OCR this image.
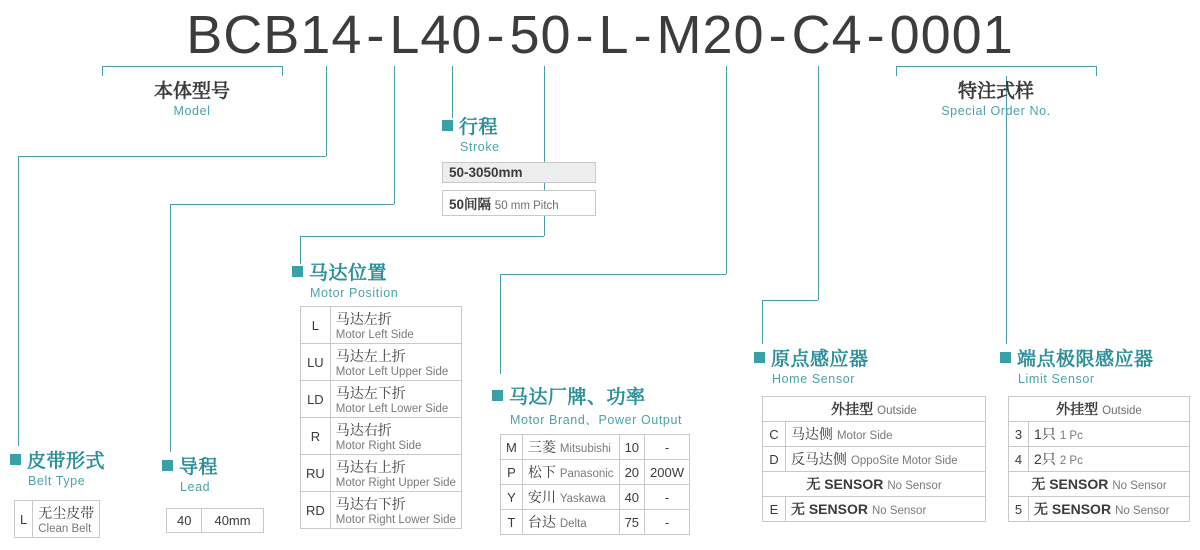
BCB14-L40-50-L-M20-C4-0001
本体型号
Model
特注式样
Special Order No.
行程
Stroke
50-3050mm
50间隔 50 mm Pitch
马达位置
Motor Position
L	马达左折
Motor Left Side

LU	马达左上折
Motor Left Upper Side

LD	马达左下折
Motor Left Lower Side

R	马达右折
Motor Right Side

RU	马达右上折
Motor Right Upper Side

RD	马达右下折
Motor Right Lower Side
马达厂牌、功率
Motor Brand、Power Output
M	三菱 Mitsubishi	10	-
P	松下 Panasonic	20	200W
Y	安川 Yaskawa	40	-
T	台达 Delta	75	-
原点感应器
Home Sensor
外挂型 Outside	
C	马达侧 Motor Side
D	反马达侧 OppoSite Motor Side
无 SENSOR No Sensor	
E	无 SENSOR No Sensor
端点极限感应器
Limit Sensor
外挂型 Outside	
3	1只 1 Pc
4	2只 2 Pc
无 SENSOR No Sensor	
5	无 SENSOR No Sensor
皮带形式
Belt Type
L	无尘皮带
Clean Belt
导程
Lead
40	40mm
